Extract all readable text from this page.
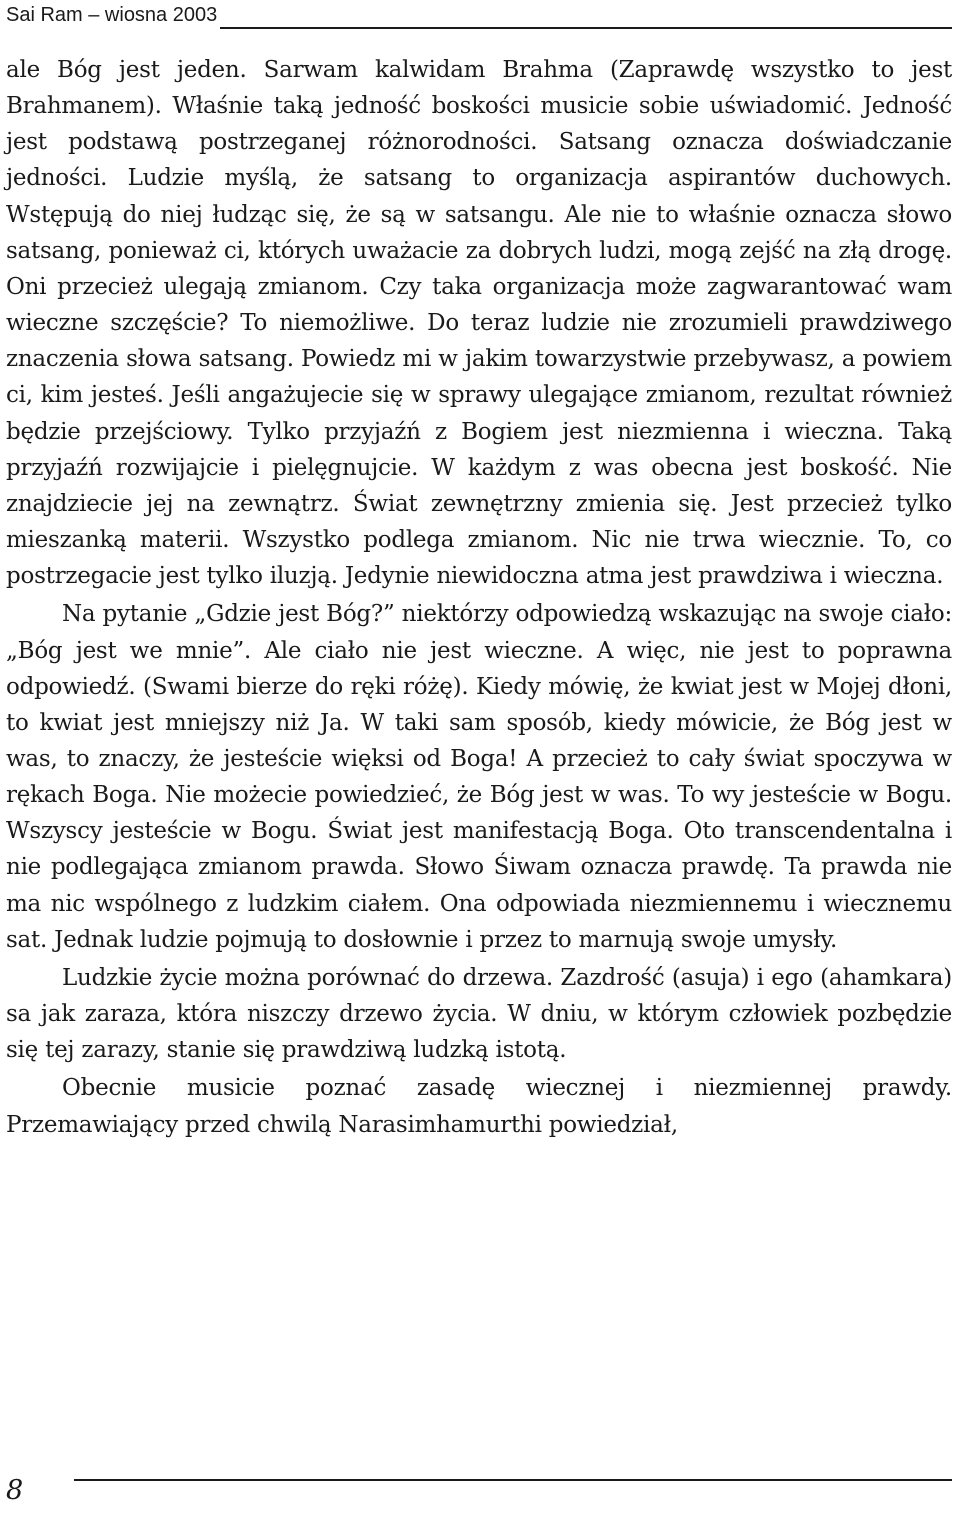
Sai Ram – wiosna 2003

ale Bóg jest jeden. Sarwam kalwidam Brahma (Zaprawdę wszystko to jest Brahmanem). Właśnie taką jedność boskości musicie sobie uświadomić. Jedność jest podstawą postrzeganej różnorodności. Satsang oznacza doświadczanie jedności. Ludzie myślą, że satsang to organizacja aspirantów duchowych. Wstępują do niej łudząc się, że są w satsangu. Ale nie to właśnie oznacza słowo satsang, ponieważ ci, których uważacie za dobrych ludzi, mogą zejść na złą drogę. Oni przecież ulegają zmianom. Czy taka organizacja może zagwarantować wam wieczne szczęście? To niemożliwe. Do teraz ludzie nie zrozumieli prawdziwego znaczenia słowa satsang. Powiedz mi w jakim towarzystwie przebywasz, a powiem ci, kim jesteś. Jeśli angażujecie się w sprawy ulegające zmianom, rezultat również będzie przejściowy. Tylko przyjaźń z Bogiem jest niezmienna i wieczna. Taką przyjaźń rozwijajcie i pielęgnujcie. W każdym z was obecna jest boskość. Nie znajdziecie jej na zewnątrz. Świat zewnętrzny zmienia się. Jest przecież tylko mieszanką materii. Wszystko podlega zmianom. Nic nie trwa wiecznie. To, co postrzegacie jest tylko iluzją. Jedynie niewidoczna atma jest prawdziwa i wieczna.

Na pytanie „Gdzie jest Bóg?” niektórzy odpowiedzą wskazując na swoje ciało: „Bóg jest we mnie”. Ale ciało nie jest wieczne. A więc, nie jest to poprawna odpowiedź. (Swami bierze do ręki różę). Kiedy mówię, że kwiat jest w Mojej dłoni, to kwiat jest mniejszy niż Ja. W taki sam sposób, kiedy mówicie, że Bóg jest w was, to znaczy, że jesteście więksi od Boga! A przecież to cały świat spoczywa w rękach Boga. Nie możecie powiedzieć, że Bóg jest w was. To wy jesteście w Bogu. Wszyscy jesteście w Bogu. Świat jest manifestacją Boga. Oto transcendentalna i nie podlegająca zmianom prawda. Słowo Śiwam oznacza prawdę. Ta prawda nie ma nic wspólnego z ludzkim ciałem. Ona odpowiada niezmiennemu i wiecznemu sat. Jednak ludzie pojmują to dosłownie i przez to marnują swoje umysły.

Ludzkie życie można porównać do drzewa. Zazdrość (asuja) i ego (ahamkara) sa jak zaraza, która niszczy drzewo życia. W dniu, w którym człowiek pozbędzie się tej zarazy, stanie się prawdziwą ludzką istotą.

Obecnie musicie poznać zasadę wiecznej i niezmiennej prawdy. Przemawiający przed chwilą Narasimhamurthi powiedział,

8
